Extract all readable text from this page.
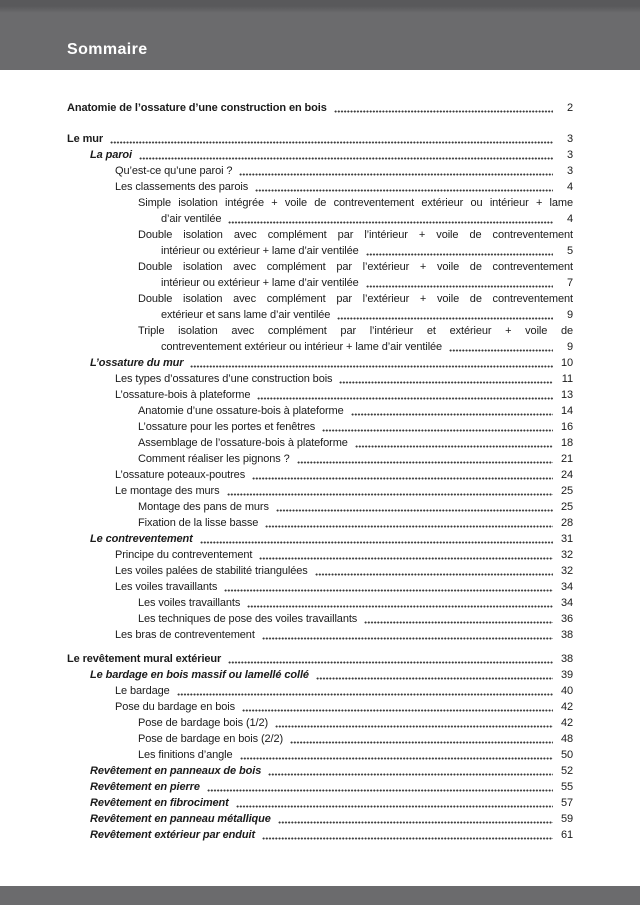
Sommaire
Anatomie de l’ossature d’une construction en bois	2
Le mur	3
La paroi	3
Qu’est-ce qu’une paroi ?	3
Les classements des parois	4
Simple isolation intégrée + voile de contreventement extérieur ou intérieur + lame
d’air ventilée	4
Double isolation avec complément par l’intérieur + voile de contreventement
intérieur ou extérieur + lame d’air ventilée	5
Double isolation avec complément par l’extérieur + voile de contreventement
intérieur ou extérieur + lame d’air ventilée	7
Double isolation avec complément par l’extérieur + voile de contreventement
extérieur et sans lame d’air ventilée	9
Triple isolation avec complément par l’intérieur et extérieur + voile de
contreventement extérieur ou intérieur + lame d’air ventilée	9
L’ossature du mur	10
Les types d’ossatures d’une construction bois	11
L’ossature-bois à plateforme	13
Anatomie d’une ossature-bois à plateforme	14
L’ossature pour les portes et fenêtres	16
Assemblage de l’ossature-bois à plateforme	18
Comment réaliser les pignons ?	21
L’ossature poteaux-poutres	24
Le montage des murs	25
Montage des pans de murs	25
Fixation de la lisse basse	28
Le contreventement	31
Principe du contreventement	32
Les voiles palées de stabilité triangulées	32
Les voiles travaillants	34
Les voiles travaillants	34
Les techniques de pose des voiles travaillants	36
Les bras de contreventement	38
Le revêtement mural extérieur	38
Le bardage en bois massif ou lamellé collé	39
Le bardage	40
Pose du bardage en bois	42
Pose de bardage bois (1/2)	42
Pose de bardage en bois (2/2)	48
Les finitions d’angle	50
Revêtement en panneaux de bois	52
Revêtement en pierre	55
Revêtement en fibrociment	57
Revêtement en panneau métallique	59
Revêtement extérieur par enduit	61
